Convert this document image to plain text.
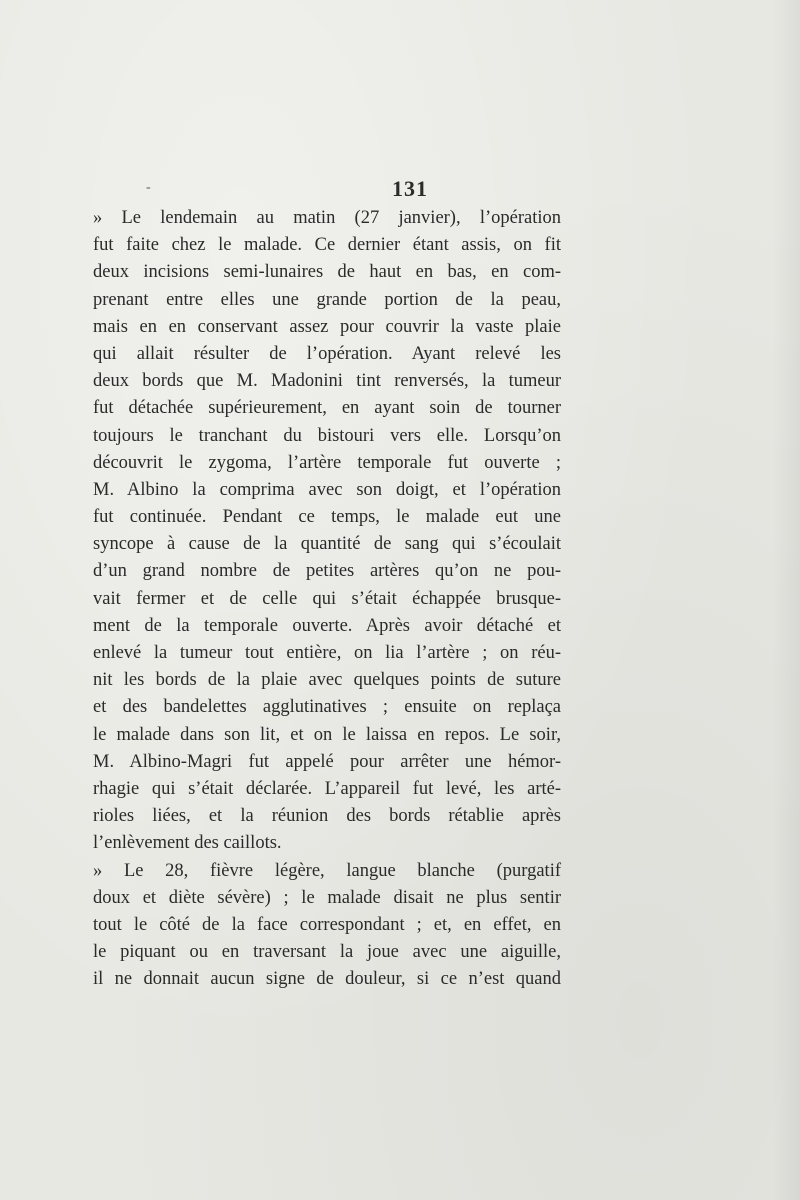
-	131
» Le lendemain au matin (27 janvier), l’opération
fut faite chez le malade. Ce dernier étant assis, on fit
deux incisions semi-lunaires de haut en bas, en com-
prenant entre elles une grande portion de la peau,
mais en en conservant assez pour couvrir la vaste plaie
qui allait résulter de l’opération. Ayant relevé les
deux bords que M. Madonini tint renversés, la tumeur
fut détachée supérieurement, en ayant soin de tourner
toujours le tranchant du bistouri vers elle. Lorsqu’on
découvrit le zygoma, l’artère temporale fut ouverte ;
M. Albino la comprima avec son doigt, et l’opération
fut continuée. Pendant ce temps, le malade eut une
syncope à cause de la quantité de sang qui s’écoulait
d’un grand nombre de petites artères qu’on ne pou-
vait fermer et de celle qui s’était échappée brusque-
ment de la temporale ouverte. Après avoir détaché et
enlevé la tumeur tout entière, on lia l’artère ; on réu-
nit les bords de la plaie avec quelques points de suture
et des bandelettes agglutinatives ; ensuite on replaça
le malade dans son lit, et on le laissa en repos. Le soir,
M. Albino-Magri fut appelé pour arrêter une hémor-
rhagie qui s’était déclarée. L’appareil fut levé, les arté-
rioles liées, et la réunion des bords rétablie après
l’enlèvement des caillots.
» Le 28, fièvre légère, langue blanche (purgatif
doux et diète sévère) ; le malade disait ne plus sentir
tout le côté de la face correspondant ; et, en effet, en
le piquant ou en traversant la joue avec une aiguille,
il ne donnait aucun signe de douleur, si ce n’est quand
